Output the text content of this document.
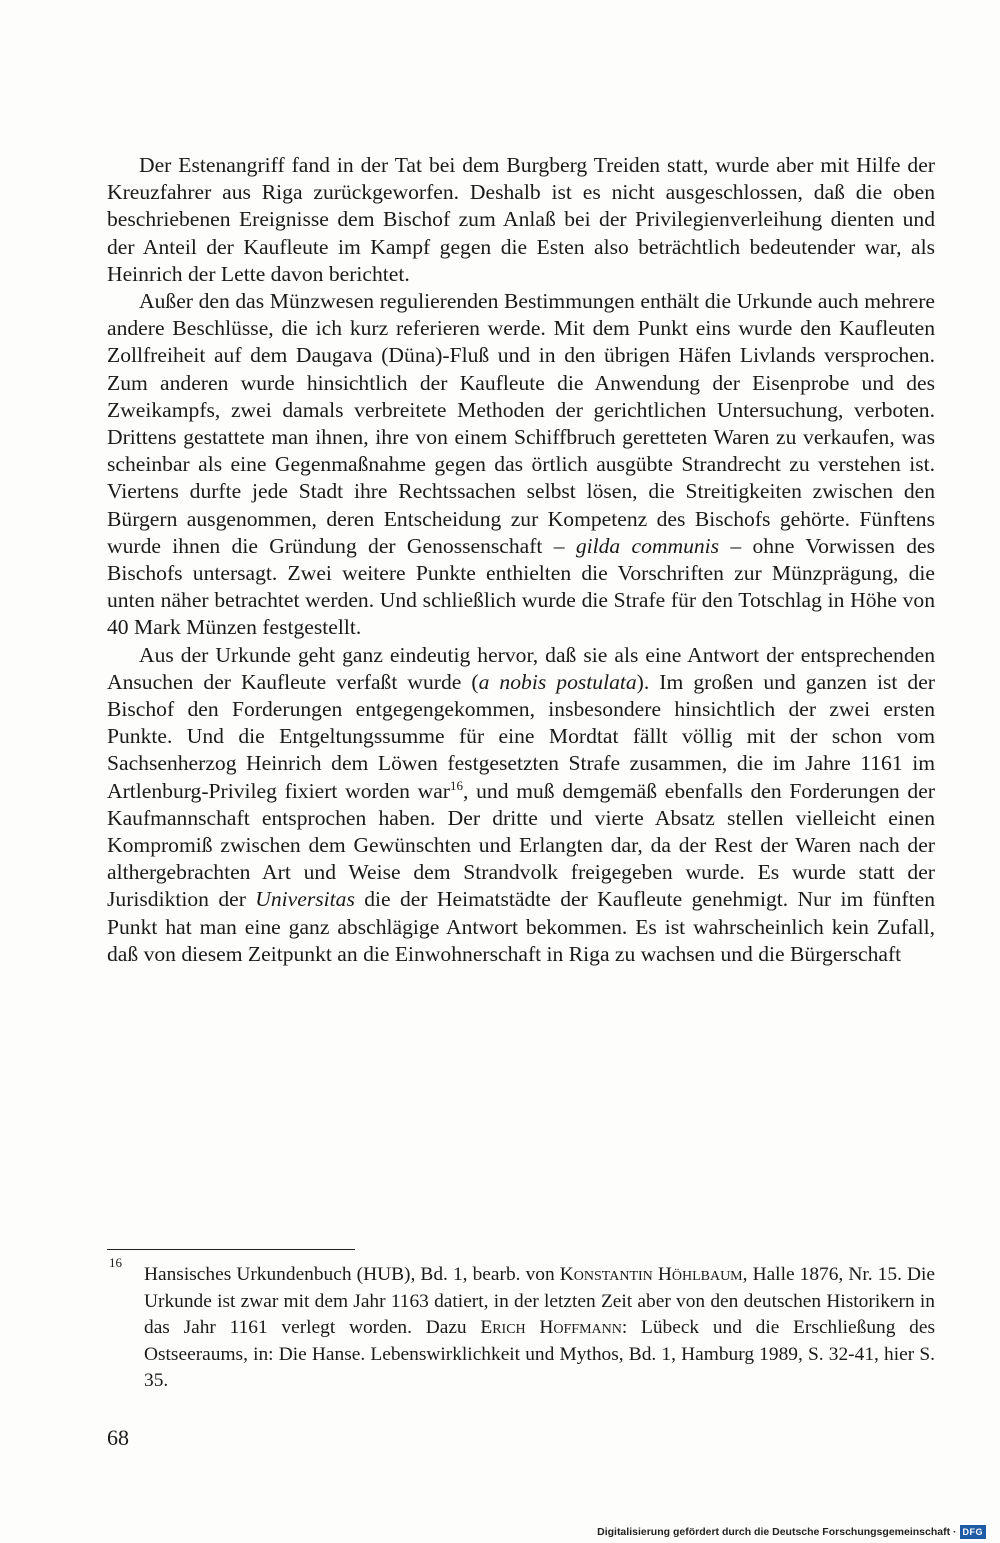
Der Estenangriff fand in der Tat bei dem Burgberg Treiden statt, wurde aber mit Hilfe der Kreuzfahrer aus Riga zurückgeworfen. Deshalb ist es nicht ausgeschlossen, daß die oben beschriebenen Ereignisse dem Bischof zum Anlaß bei der Privilegienverleihung dienten und der Anteil der Kaufleute im Kampf gegen die Esten also beträchtlich bedeutender war, als Heinrich der Lette davon berichtet.

Außer den das Münzwesen regulierenden Bestimmungen enthält die Urkunde auch mehrere andere Beschlüsse, die ich kurz referieren werde. Mit dem Punkt eins wurde den Kaufleuten Zollfreiheit auf dem Daugava (Düna)-Fluß und in den übrigen Häfen Livlands versprochen. Zum anderen wurde hinsichtlich der Kaufleute die Anwendung der Eisenprobe und des Zweikampfs, zwei damals verbreitete Methoden der gerichtlichen Untersuchung, verboten. Drittens gestattete man ihnen, ihre von einem Schiffbruch geretteten Waren zu verkaufen, was scheinbar als eine Gegenmaßnahme gegen das örtlich ausgübte Strandrecht zu verstehen ist. Viertens durfte jede Stadt ihre Rechtssachen selbst lösen, die Streitigkeiten zwischen den Bürgern ausgenommen, deren Entscheidung zur Kompetenz des Bischofs gehörte. Fünftens wurde ihnen die Gründung der Genossenschaft – gilda communis – ohne Vorwissen des Bischofs untersagt. Zwei weitere Punkte enthielten die Vorschriften zur Münzprägung, die unten näher betrachtet werden. Und schließlich wurde die Strafe für den Totschlag in Höhe von 40 Mark Münzen festgestellt.

Aus der Urkunde geht ganz eindeutig hervor, daß sie als eine Antwort der entsprechenden Ansuchen der Kaufleute verfaßt wurde (a nobis postulata). Im großen und ganzen ist der Bischof den Forderungen entgegengekommen, insbesondere hinsichtlich der zwei ersten Punkte. Und die Entgeltungssumme für eine Mordtat fällt völlig mit der schon vom Sachsenherzog Heinrich dem Löwen festgesetzten Strafe zusammen, die im Jahre 1161 im Artlenburg-Privileg fixiert worden war$^{16}$, und muß demgemäß ebenfalls den Forderungen der Kaufmannschaft entsprochen haben. Der dritte und vierte Absatz stellen vielleicht einen Kompromiß zwischen dem Gewünschten und Erlangten dar, da der Rest der Waren nach der althergebrachten Art und Weise dem Strandvolk freigegeben wurde. Es wurde statt der Jurisdiktion der Universitas die der Heimatstädte der Kaufleute genehmigt. Nur im fünften Punkt hat man eine ganz abschlägige Antwort bekommen. Es ist wahrscheinlich kein Zufall, daß von diesem Zeitpunkt an die Einwohnerschaft in Riga zu wachsen und die Bürgerschaft

16
Hansisches Urkundenbuch (HUB), Bd. 1, bearb. von Konstantin Höhlbaum, Halle 1876, Nr. 15. Die Urkunde ist zwar mit dem Jahr 1163 datiert, in der letzten Zeit aber von den deutschen Historikern in das Jahr 1161 verlegt worden. Dazu Erich Hoffmann: Lübeck und die Erschließung des Ostseeraums, in: Die Hanse. Lebenswirklichkeit und Mythos, Bd. 1, Hamburg 1989, S. 32-41, hier S. 35.
68
Digitalisierung gefördert durch die Deutsche Forschungsgemeinschaft · DFG
